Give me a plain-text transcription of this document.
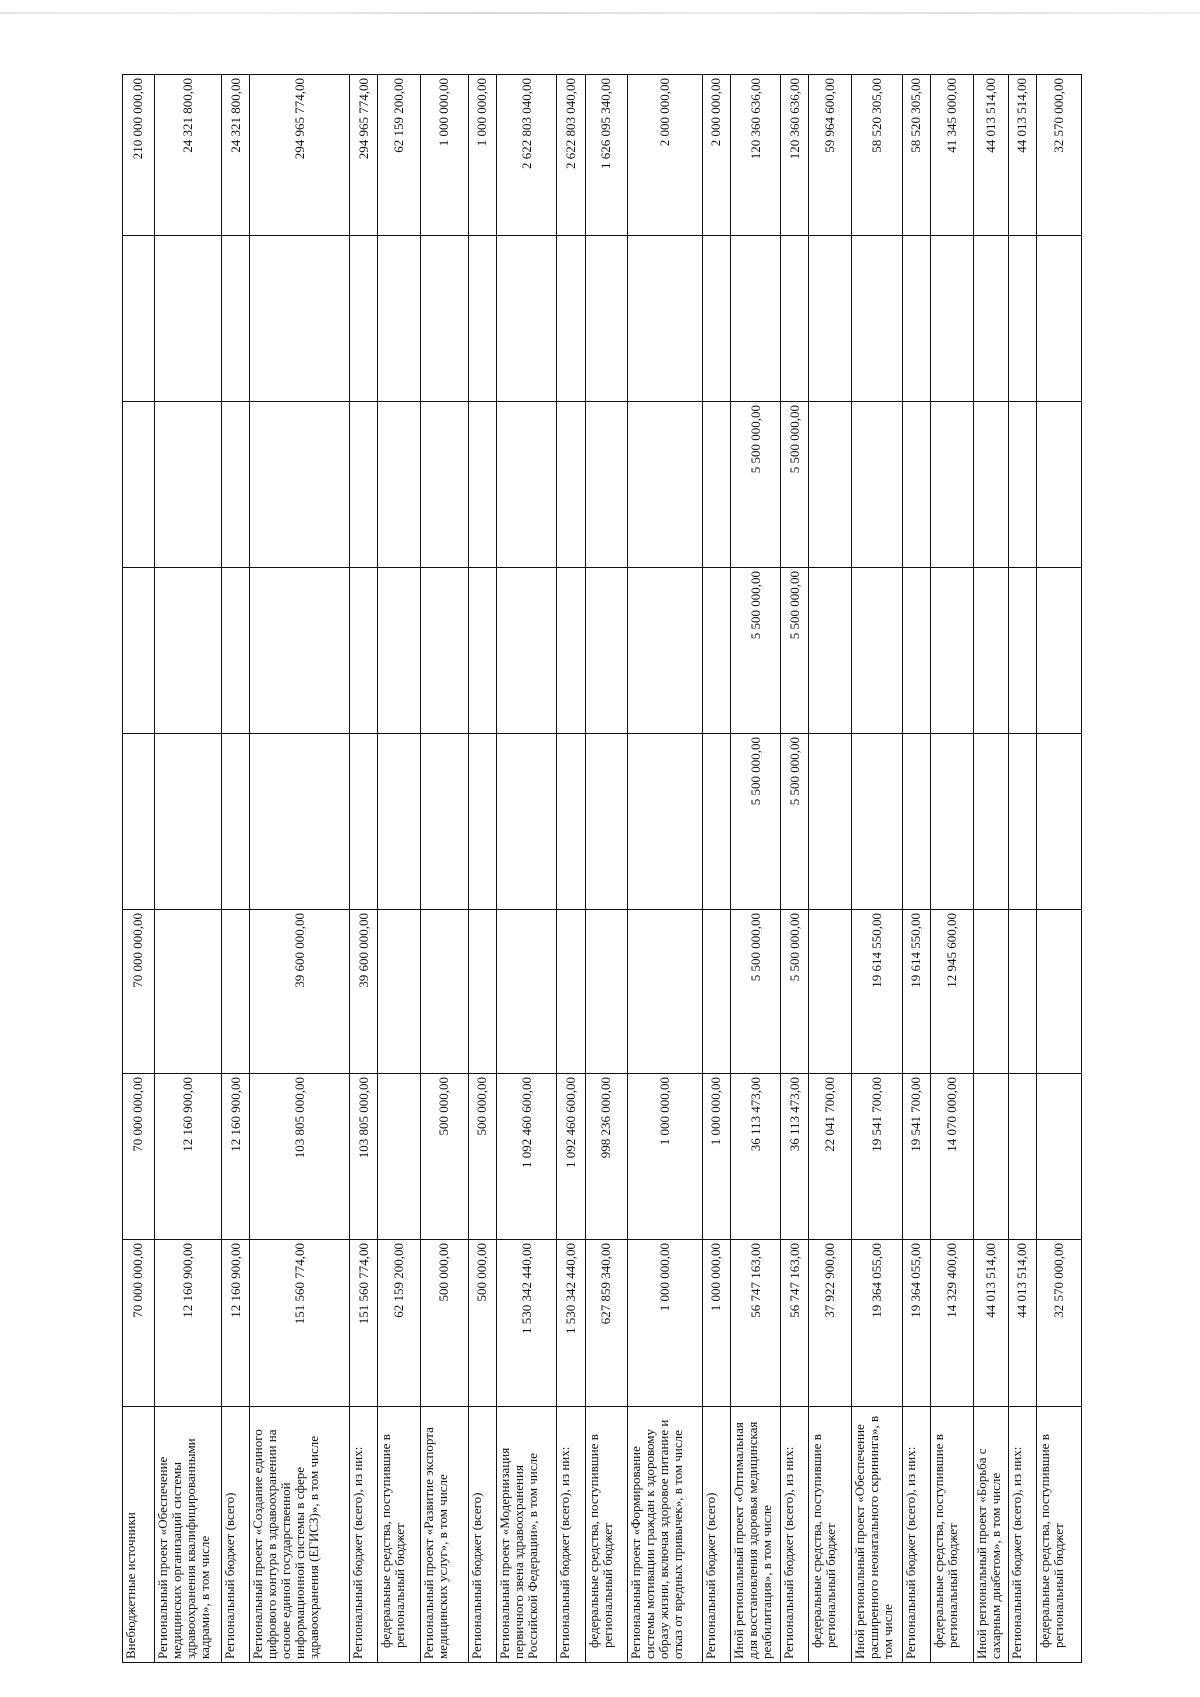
Внебюджетные источники	70 000 000,00	70 000 000,00	70 000 000,00					210 000 000,00
Региональный проект «Обеспечение медицинских организаций системы здравоохранения квалифицированными кадрами», в том числе	12 160 900,00	12 160 900,00						24 321 800,00
Региональный бюджет (всего)	12 160 900,00	12 160 900,00						24 321 800,00
Региональный проект «Создание единого цифрового контура в здравоохранении на основе единой государственной информационной системы в сфере здравоохранения (ЕГИСЗ)», в том числе	151 560 774,00	103 805 000,00	39 600 000,00					294 965 774,00
Региональный бюджет (всего), из них:	151 560 774,00	103 805 000,00	39 600 000,00					294 965 774,00
федеральные средства, поступившие в региональный бюджет	62 159 200,00							62 159 200,00
Региональный проект «Развитие экспорта медицинских услуг», в том числе	500 000,00	500 000,00						1 000 000,00
Региональный бюджет (всего)	500 000,00	500 000,00						1 000 000,00
Региональный проект «Модернизация первичного звена здравоохранения Российской Федерации», в том числе	1 530 342 440,00	1 092 460 600,00						2 622 803 040,00
Региональный бюджет (всего), из них:	1 530 342 440,00	1 092 460 600,00						2 622 803 040,00
федеральные средства, поступившие в региональный бюджет	627 859 340,00	998 236 000,00						1 626 095 340,00
Региональный проект «Формирование системы мотивации граждан к здоровому образу жизни, включая здоровое питание и отказ от вредных привычек», в том числе	1 000 000,00	1 000 000,00						2 000 000,00
Региональный бюджет (всего)	1 000 000,00	1 000 000,00						2 000 000,00
Иной региональный проект «Оптимальная для восстановления здоровья медицинская реабилитация», в том числе	56 747 163,00	36 113 473,00	5 500 000,00	5 500 000,00	5 500 000,00	5 500 000,00		120 360 636,00
Региональный бюджет (всего), из них:	56 747 163,00	36 113 473,00	5 500 000,00	5 500 000,00	5 500 000,00	5 500 000,00		120 360 636,00
федеральные средства, поступившие в региональный бюджет	37 922 900,00	22 041 700,00						59 964 600,00
Иной региональный проект «Обеспечение расширенного неонатального скрининга», в том числе	19 364 055,00	19 541 700,00	19 614 550,00					58 520 305,00
Региональный бюджет (всего), из них:	19 364 055,00	19 541 700,00	19 614 550,00					58 520 305,00
федеральные средства, поступившие в региональный бюджет	14 329 400,00	14 070 000,00	12 945 600,00					41 345 000,00
Иной региональный проект «Борьба с сахарным диабетом», в том числе	44 013 514,00							44 013 514,00
Региональный бюджет (всего), из них:	44 013 514,00							44 013 514,00
федеральные средства, поступившие в региональный бюджет	32 570 000,00							32 570 000,00
